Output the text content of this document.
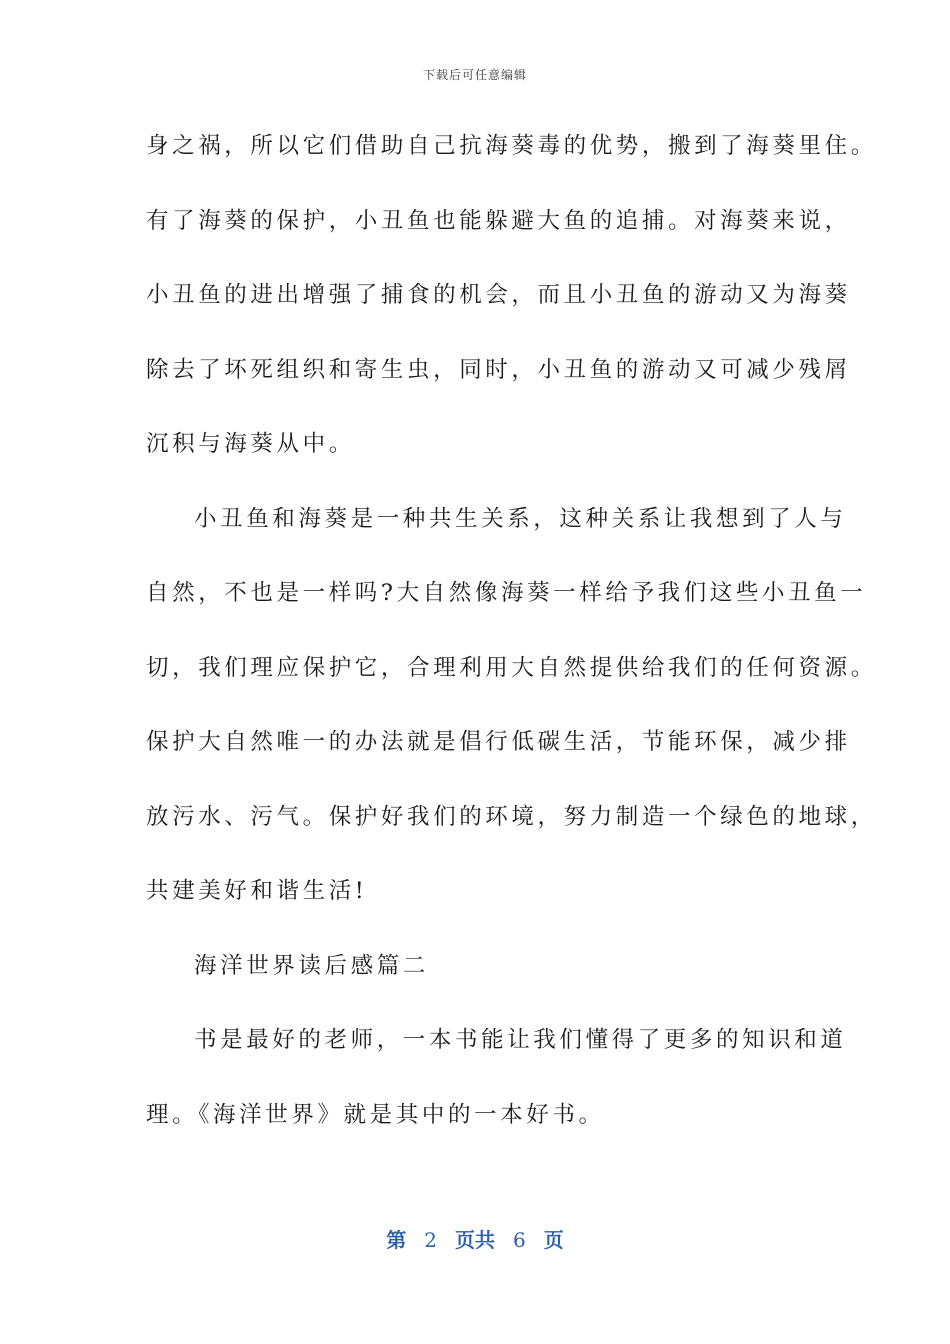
下载后可任意编辑
身之祸，所以它们借助自己抗海葵毒的优势，搬到了海葵里住。
有了海葵的保护，小丑鱼也能躲避大鱼的追捕。对海葵来说，
小丑鱼的进出增强了捕食的机会，而且小丑鱼的游动又为海葵
除去了坏死组织和寄生虫，同时，小丑鱼的游动又可减少残屑
沉积与海葵从中。
小丑鱼和海葵是一种共生关系，这种关系让我想到了人与
自然，不也是一样吗?大自然像海葵一样给予我们这些小丑鱼一
切，我们理应保护它，合理利用大自然提供给我们的任何资源。
保护大自然唯一的办法就是倡行低碳生活，节能环保，减少排
放污水、污气。保护好我们的环境，努力制造一个绿色的地球，
共建美好和谐生活!
海洋世界读后感篇二
书是最好的老师，一本书能让我们懂得了更多的知识和道
理。《海洋世界》就是其中的一本好书。
第 2 页共 6 页
